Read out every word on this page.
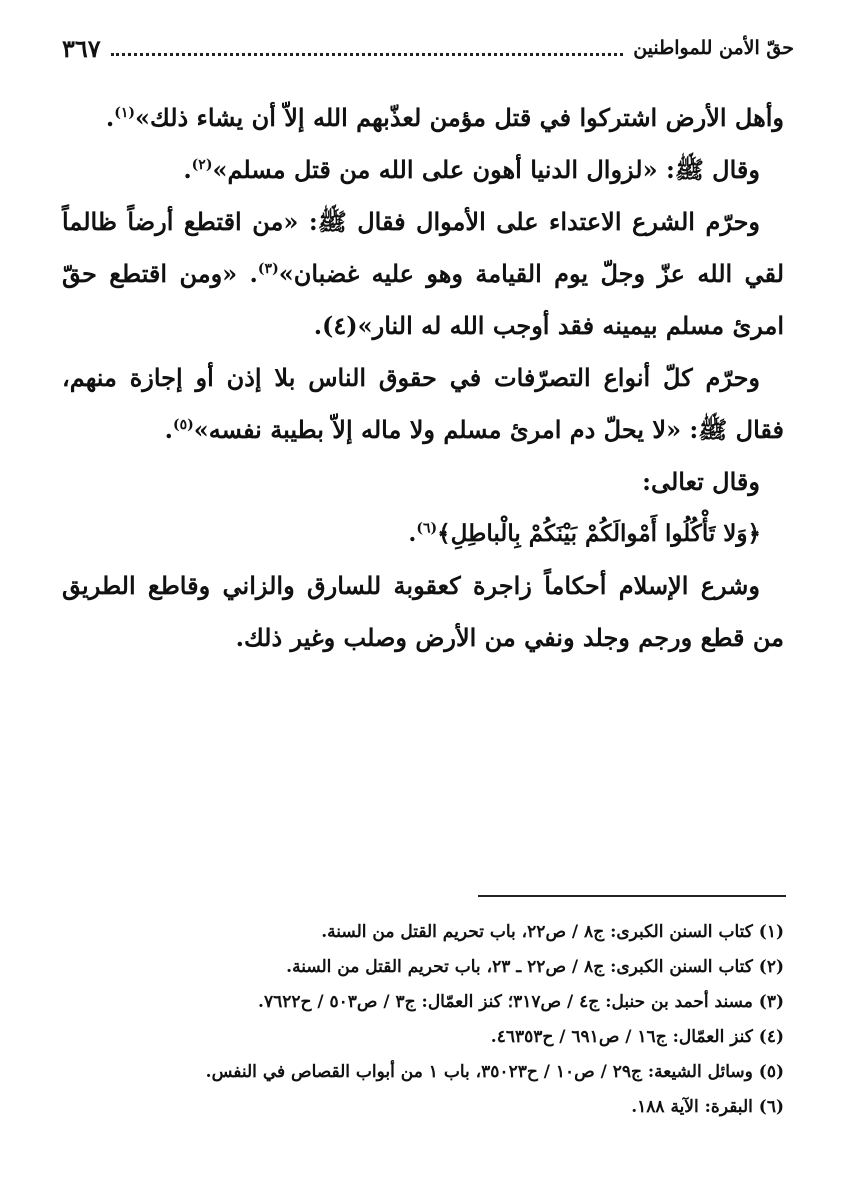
٣٦٧	حقّ الأمن للمواطنين

وأهل الأرض اشتركوا في قتل مؤمن لعذّبهم الله إلاّ أن يشاء ذلك»$^{(١)}$.

 وقال ﷺ: «لزوال الدنيا أهون على الله من قتل مسلم»$^{(٢)}$.

 وحرّم الشرع الاعتداء على الأموال فقال ﷺ: «من اقتطع أرضاً ظالماً لقي الله عزّ وجلّ يوم القيامة وهو عليه غضبان»$^{(٣)}$. «ومن اقتطع حقّ امرئ مسلم بيمينه فقد أوجب الله له النار»(٤).

 وحرّم كلّ أنواع التصرّفات في حقوق الناس بلا إذن أو إجازة منهم، فقال ﷺ: «لا يحلّ دم امرئ مسلم ولا ماله إلاّ بطيبة نفسه»$^{(٥)}$.

 وقال تعالى:

 ﴿وَلا تَأْكُلُوا أَمْوالَكُمْ بَيْنَكُمْ بِالْباطِلِ﴾$^{(٦)}$.

 وشرع الإسلام أحكاماً زاجرة كعقوبة للسارق والزاني وقاطع الطريق من قطع ورجم وجلد ونفي من الأرض وصلب وغير ذلك.

(١) كتاب السنن الكبرى: ج٨ / ص٢٢، باب تحريم القتل من السنة.
(٢) كتاب السنن الكبرى: ج٨ / ص٢٢ ـ ٢٣، باب تحريم القتل من السنة.
(٣) مسند أحمد بن حنبل: ج٤ / ص٣١٧؛ كنز العمّال: ج٣ / ص٥٠٣ / ح٧٦٢٢.
(٤) كنز العمّال: ج١٦ / ص٦٩١ / ح٤٦٣٥٣.
(٥) وسائل الشيعة: ج٢٩ / ص١٠ / ح٣٥٠٢٣، باب ١ من أبواب القصاص في النفس.
(٦) البقرة: الآية ١٨٨.
